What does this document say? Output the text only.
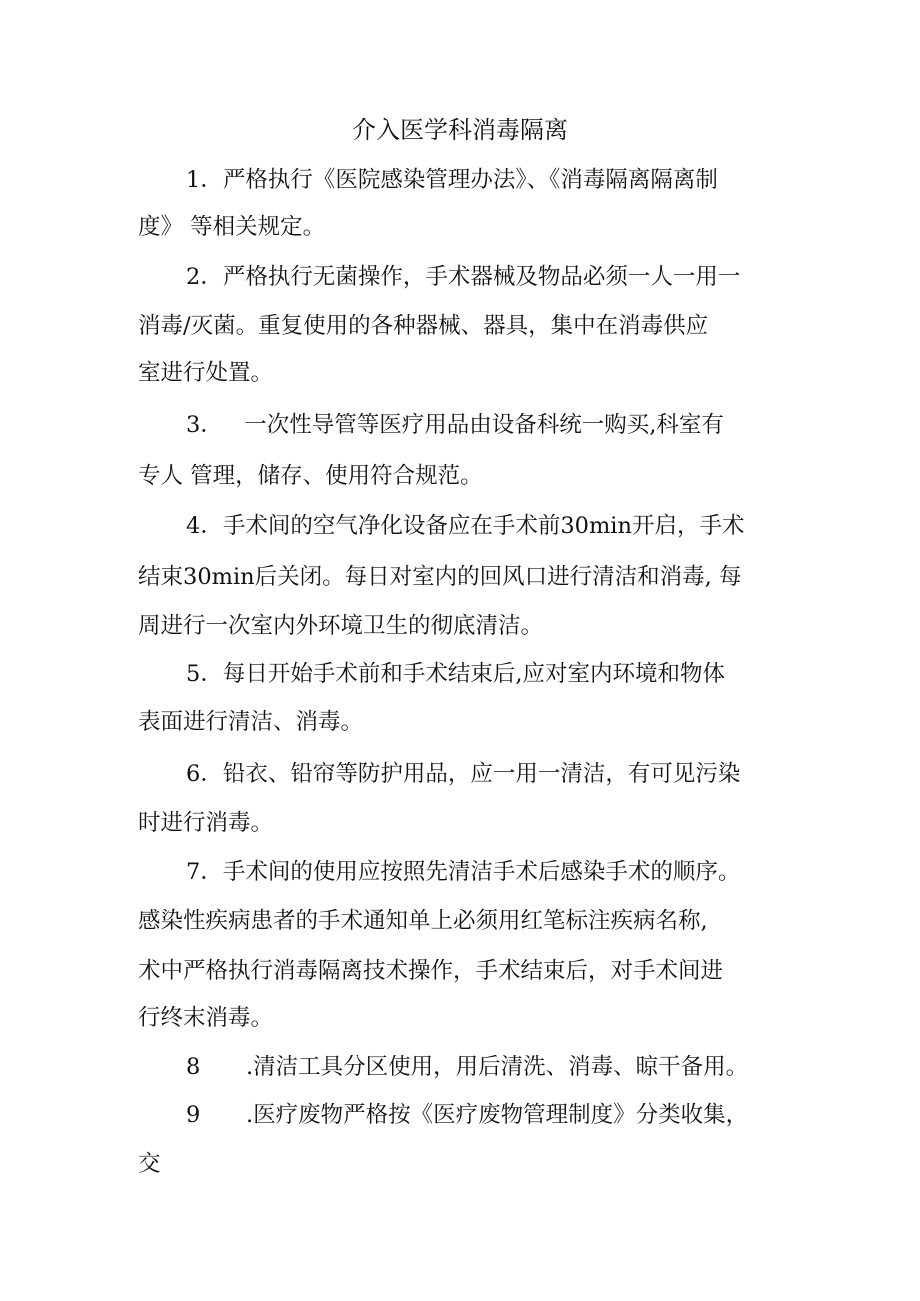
介入医学科消毒隔离
1．严格执行《医院感染管理办法》、《消毒隔离隔离制
度》 等相关规定。
2．严格执行无菌操作，手术器械及物品必须一人一用一
消毒/灭菌。重复使用的各种器械、器具，集中在消毒供应
室进行处置。
3．   一次性导管等医疗用品由设备科统一购买,科室有
专人 管理，储存、使用符合规范。
4．手术间的空气净化设备应在手术前30min开启，手术
结束30min后关闭。每日对室内的回风口进行清洁和消毒, 每
周进行一次室内外环境卫生的彻底清洁。
5．每日开始手术前和手术结束后,应对室内环境和物体
表面进行清洁、消毒。
6．铅衣、铅帘等防护用品，应一用一清洁，有可见污染
时进行消毒。
7．手术间的使用应按照先清洁手术后感染手术的顺序。
感染性疾病患者的手术通知单上必须用红笔标注疾病名称,
术中严格执行消毒隔离技术操作，手术结束后，对手术间进
行终末消毒。
8 .清洁工具分区使用，用后清洗、消毒、晾干备用。
9 .医疗废物严格按《医疗废物管理制度》分类收集，
交
